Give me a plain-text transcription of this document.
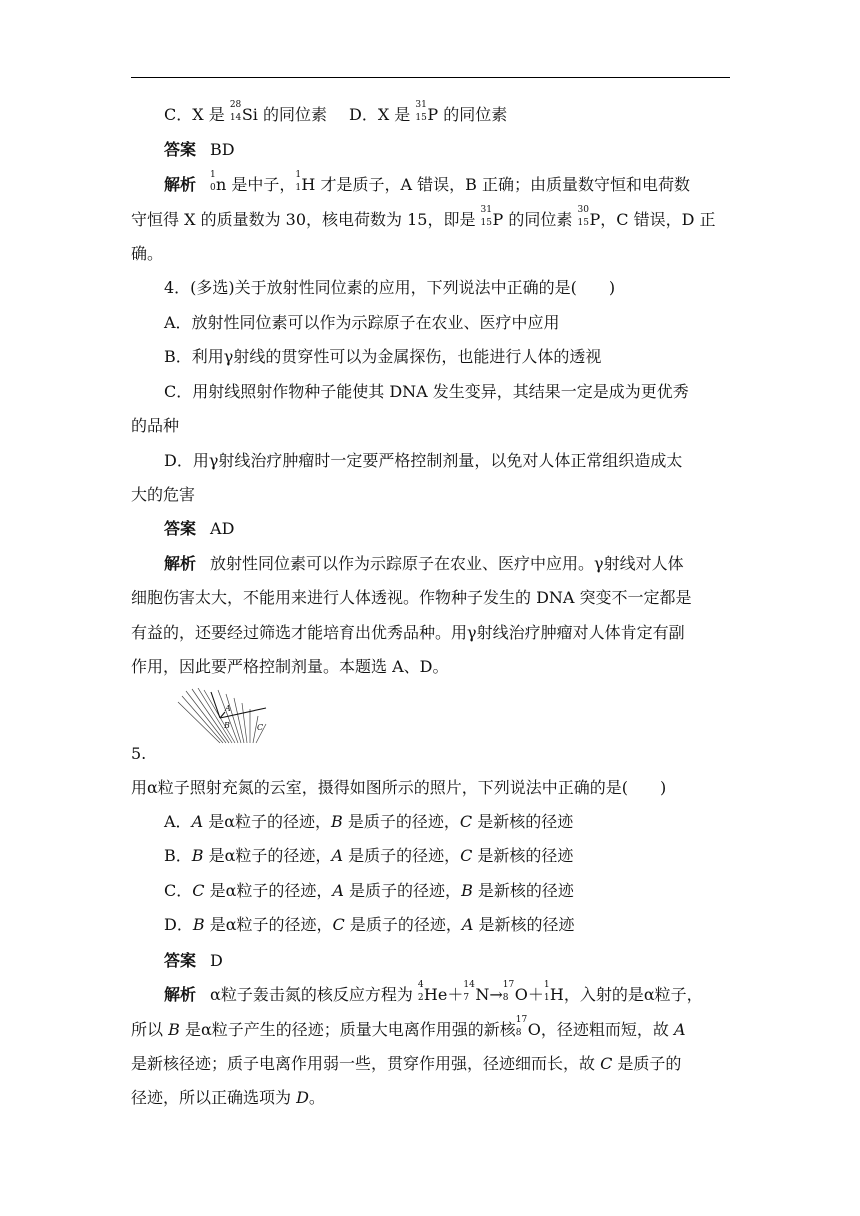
C．X 是 28
14 Si 的同位素 D．X 是 31
15 P 的同位素
答案 BD
解析 1
0 n 是中子， 1
1 H 才是质子，A 错误，B 正确；由质量数守恒和电荷数
守恒得 X 的质量数为 30，核电荷数为 15，即是 31
15 P 的同位素 30
15 P，C 错误，D 正
确。
4．(多选)关于放射性同位素的应用，下列说法中正确的是(　　)
A．放射性同位素可以作为示踪原子在农业、医疗中应用
B．利用γ射线的贯穿性可以为金属探伤，也能进行人体的透视
C．用射线照射作物种子能使其 DNA 发生变异，其结果一定是成为更优秀
的品种
D．用γ射线治疗肿瘤时一定要严格控制剂量，以免对人体正常组织造成太
大的危害
答案 AD
解析 放射性同位素可以作为示踪原子在农业、医疗中应用。γ射线对人体
细胞伤害太大，不能用来进行人体透视。作物种子发生的 DNA 突变不一定都是
有益的，还要经过筛选才能培育出优秀品种。用γ射线治疗肿瘤对人体肯定有副
作用，因此要严格控制剂量。本题选 A、D。
A
B	C
5.
用α粒子照射充氮的云室，摄得如图所示的照片，下列说法中正确的是(　　)
A．A 是α粒子的径迹，B 是质子的径迹，C 是新核的径迹
B．B 是α粒子的径迹，A 是质子的径迹，C 是新核的径迹
C．C 是α粒子的径迹，A 是质子的径迹，B 是新核的径迹
D．B 是α粒子的径迹，C 是质子的径迹，A 是新核的径迹
答案 D
解析 α粒子轰击氮的核反应方程为 4
2 He＋ 14
7 N→ 17
8 O＋ 1
1 H，入射的是α粒子，
所以 B 是α粒子产生的径迹；质量大电离作用强的新核 17
8 O，径迹粗而短，故 A
是新核径迹；质子电离作用弱一些，贯穿作用强，径迹细而长，故 C 是质子的
径迹，所以正确选项为 D。
